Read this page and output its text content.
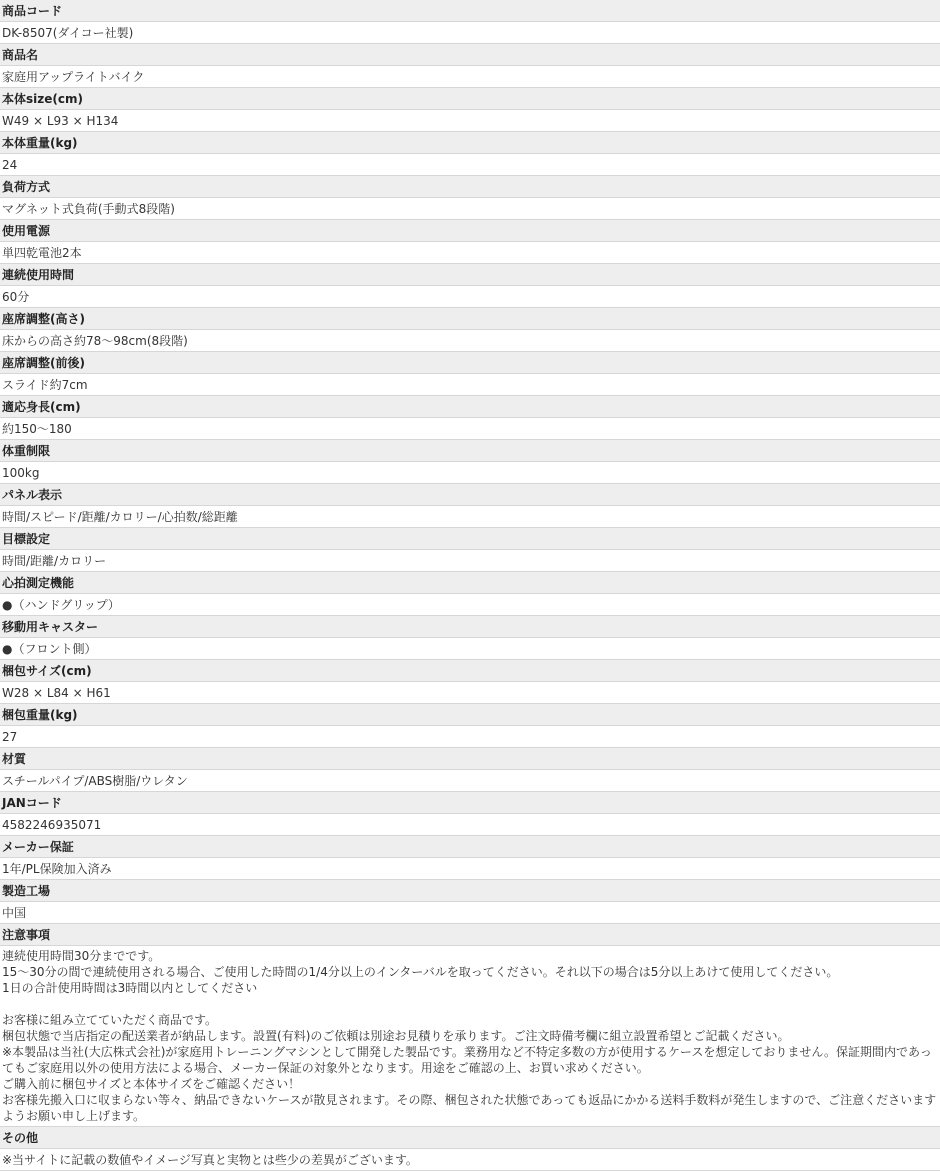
商品コード
DK-8507(ダイコー社製)
商品名
家庭用アップライトバイク
本体size(cm)
W49 × L93 × H134
本体重量(kg)
24
負荷方式
マグネット式負荷(手動式8段階)
使用電源
単四乾電池2本
連続使用時間
60分
座席調整(高さ)
床からの高さ約78～98cm(8段階)
座席調整(前後)
スライド約7cm
適応身長(cm)
約150～180
体重制限
100kg
パネル表示
時間/スピード/距離/カロリー/心拍数/総距離
目標設定
時間/距離/カロリー
心拍測定機能
●（ハンドグリップ）
移動用キャスター
●（フロント側）
梱包サイズ(cm)
W28 × L84 × H61
梱包重量(kg)
27
材質
スチールパイプ/ABS樹脂/ウレタン
JANコード
4582246935071
メーカー保証
1年/PL保険加入済み
製造工場
中国
注意事項

連続使用時間30分までです。
15～30分の間で連続使用される場合、ご使用した時間の1/4分以上のインターバルを取ってください。それ以下の場合は5分以上あけて使用してください。
1日の合計使用時間は3時間以内としてください
お客様に組み立てていただく商品です。
梱包状態で当店指定の配送業者が納品します。設置(有料)のご依頼は別途お見積りを承ります。ご注文時備考欄に組立設置希望とご記載ください。
※本製品は当社(大広株式会社)が家庭用トレーニングマシンとして開発した製品です。業務用など不特定多数の方が使用するケースを想定しておりません。保証期間内であってもご家庭用以外の使用方法による場合、メーカー保証の対象外となります。用途をご確認の上、お買い求めください。
ご購入前に梱包サイズと本体サイズをご確認ください！
お客様先搬入口に収まらない等々、納品できないケースが散見されます。その際、梱包された状態であっても返品にかかる送料手数料が発生しますので、ご注意くださいますようお願い申し上げます。

その他
※当サイトに記載の数値やイメージ写真と実物とは些少の差異がございます。
